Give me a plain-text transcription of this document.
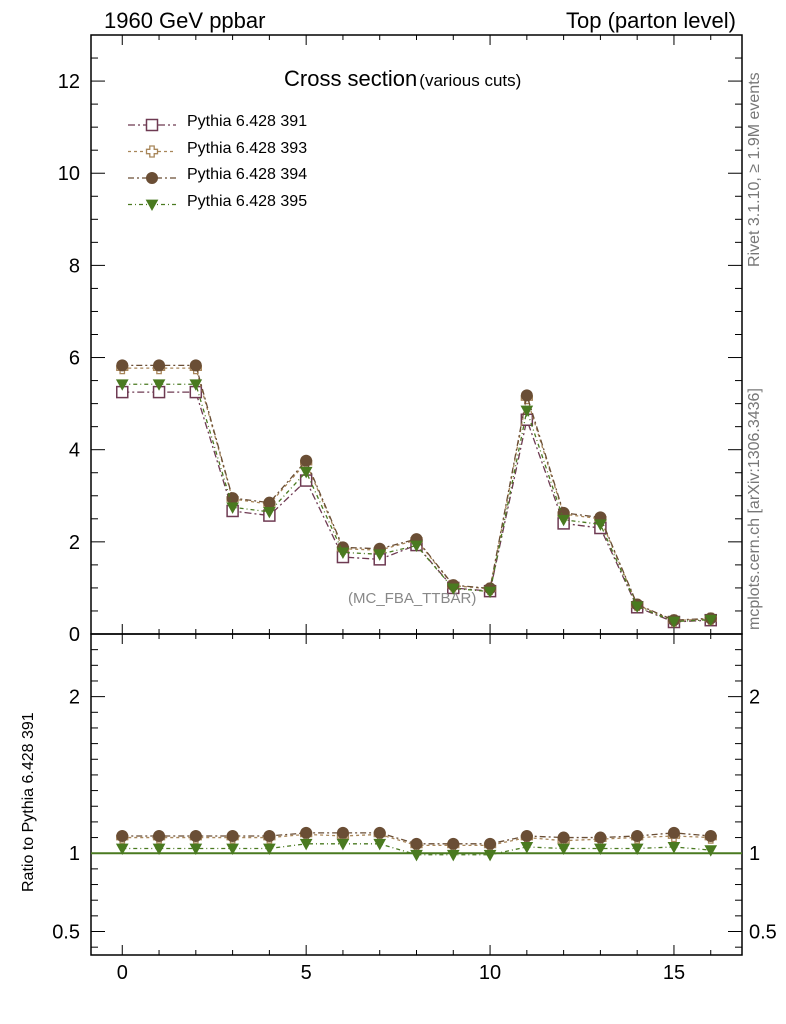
0
2
4
6
8
10
12
0	5	10	15
0.5	0.5
1	1
2	2
1960 GeV ppbar	Top (parton level)
Rivet 3.1.10, ≥ 1.9M events
mcplots.cern.ch [arXiv:1306.3436]
Cross section (various cuts)
(MC_FBA_TTBAR)
Ratio to Pythia 6.428 391
Pythia 6.428 391
Pythia 6.428 393
Pythia 6.428 394
Pythia 6.428 395
